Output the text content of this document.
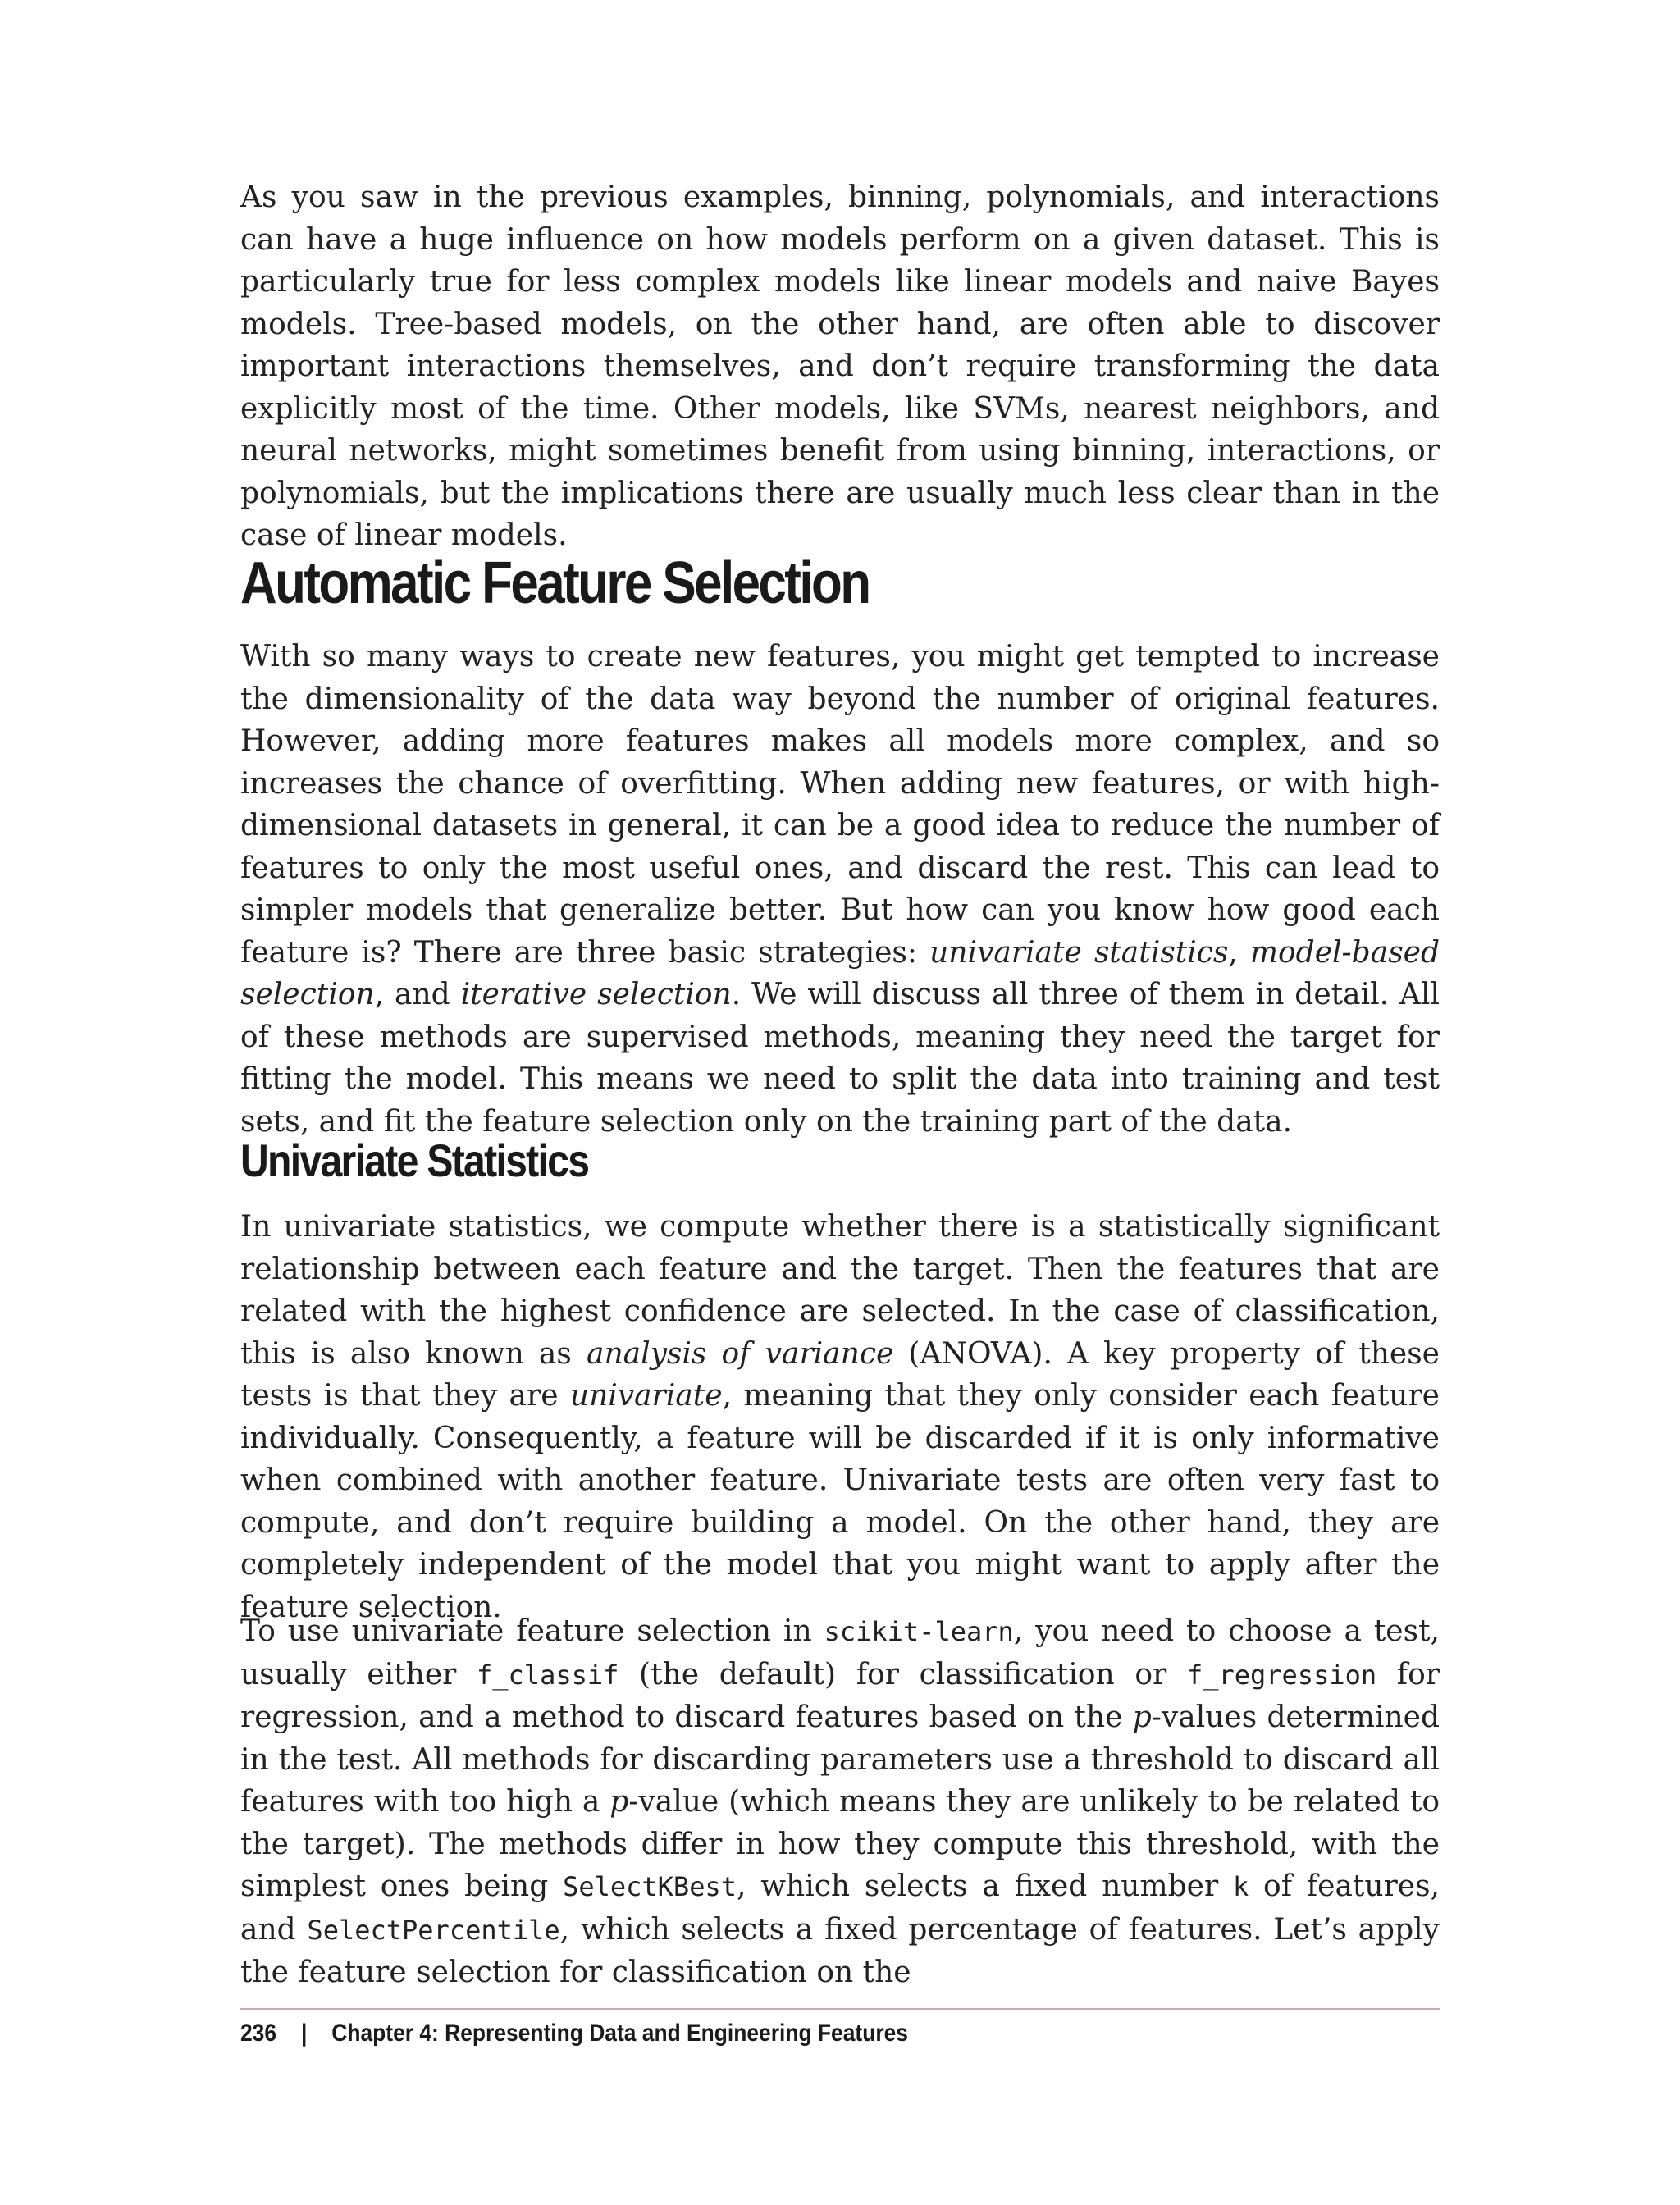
As you saw in the previous examples, binning, polynomials, and interactions can have a huge influence on how models perform on a given dataset. This is particularly true for less complex models like linear models and naive Bayes models. Tree-based models, on the other hand, are often able to discover important interactions themselves, and don’t require transforming the data explicitly most of the time. Other models, like SVMs, nearest neighbors, and neural networks, might sometimes benefit from using binning, interactions, or polynomials, but the implications there are usually much less clear than in the case of linear models.

Automatic Feature Selection

With so many ways to create new features, you might get tempted to increase the dimensionality of the data way beyond the number of original features. However, adding more features makes all models more complex, and so increases the chance of overfitting. When adding new features, or with high-dimensional datasets in general, it can be a good idea to reduce the number of features to only the most useful ones, and discard the rest. This can lead to simpler models that generalize better. But how can you know how good each feature is? There are three basic strategies: univariate statistics, model-based selection, and iterative selection. We will discuss all three of them in detail. All of these methods are supervised methods, meaning they need the target for fitting the model. This means we need to split the data into training and test sets, and fit the feature selection only on the training part of the data.

Univariate Statistics

In univariate statistics, we compute whether there is a statistically significant relationship between each feature and the target. Then the features that are related with the highest confidence are selected. In the case of classification, this is also known as analysis of variance (ANOVA). A key property of these tests is that they are univariate, meaning that they only consider each feature individually. Consequently, a feature will be discarded if it is only informative when combined with another feature. Univariate tests are often very fast to compute, and don’t require building a model. On the other hand, they are completely independent of the model that you might want to apply after the feature selection.

To use univariate feature selection in scikit-learn, you need to choose a test, usually either f_classif (the default) for classification or f_regression for regression, and a method to discard features based on the p-values determined in the test. All methods for discarding parameters use a threshold to discard all features with too high a p-value (which means they are unlikely to be related to the target). The methods differ in how they compute this threshold, with the simplest ones being SelectKBest, which selects a fixed number k of features, and SelectPercentile, which selects a fixed percentage of features. Let’s apply the feature selection for classification on the

236 | Chapter 4: Representing Data and Engineering Features
